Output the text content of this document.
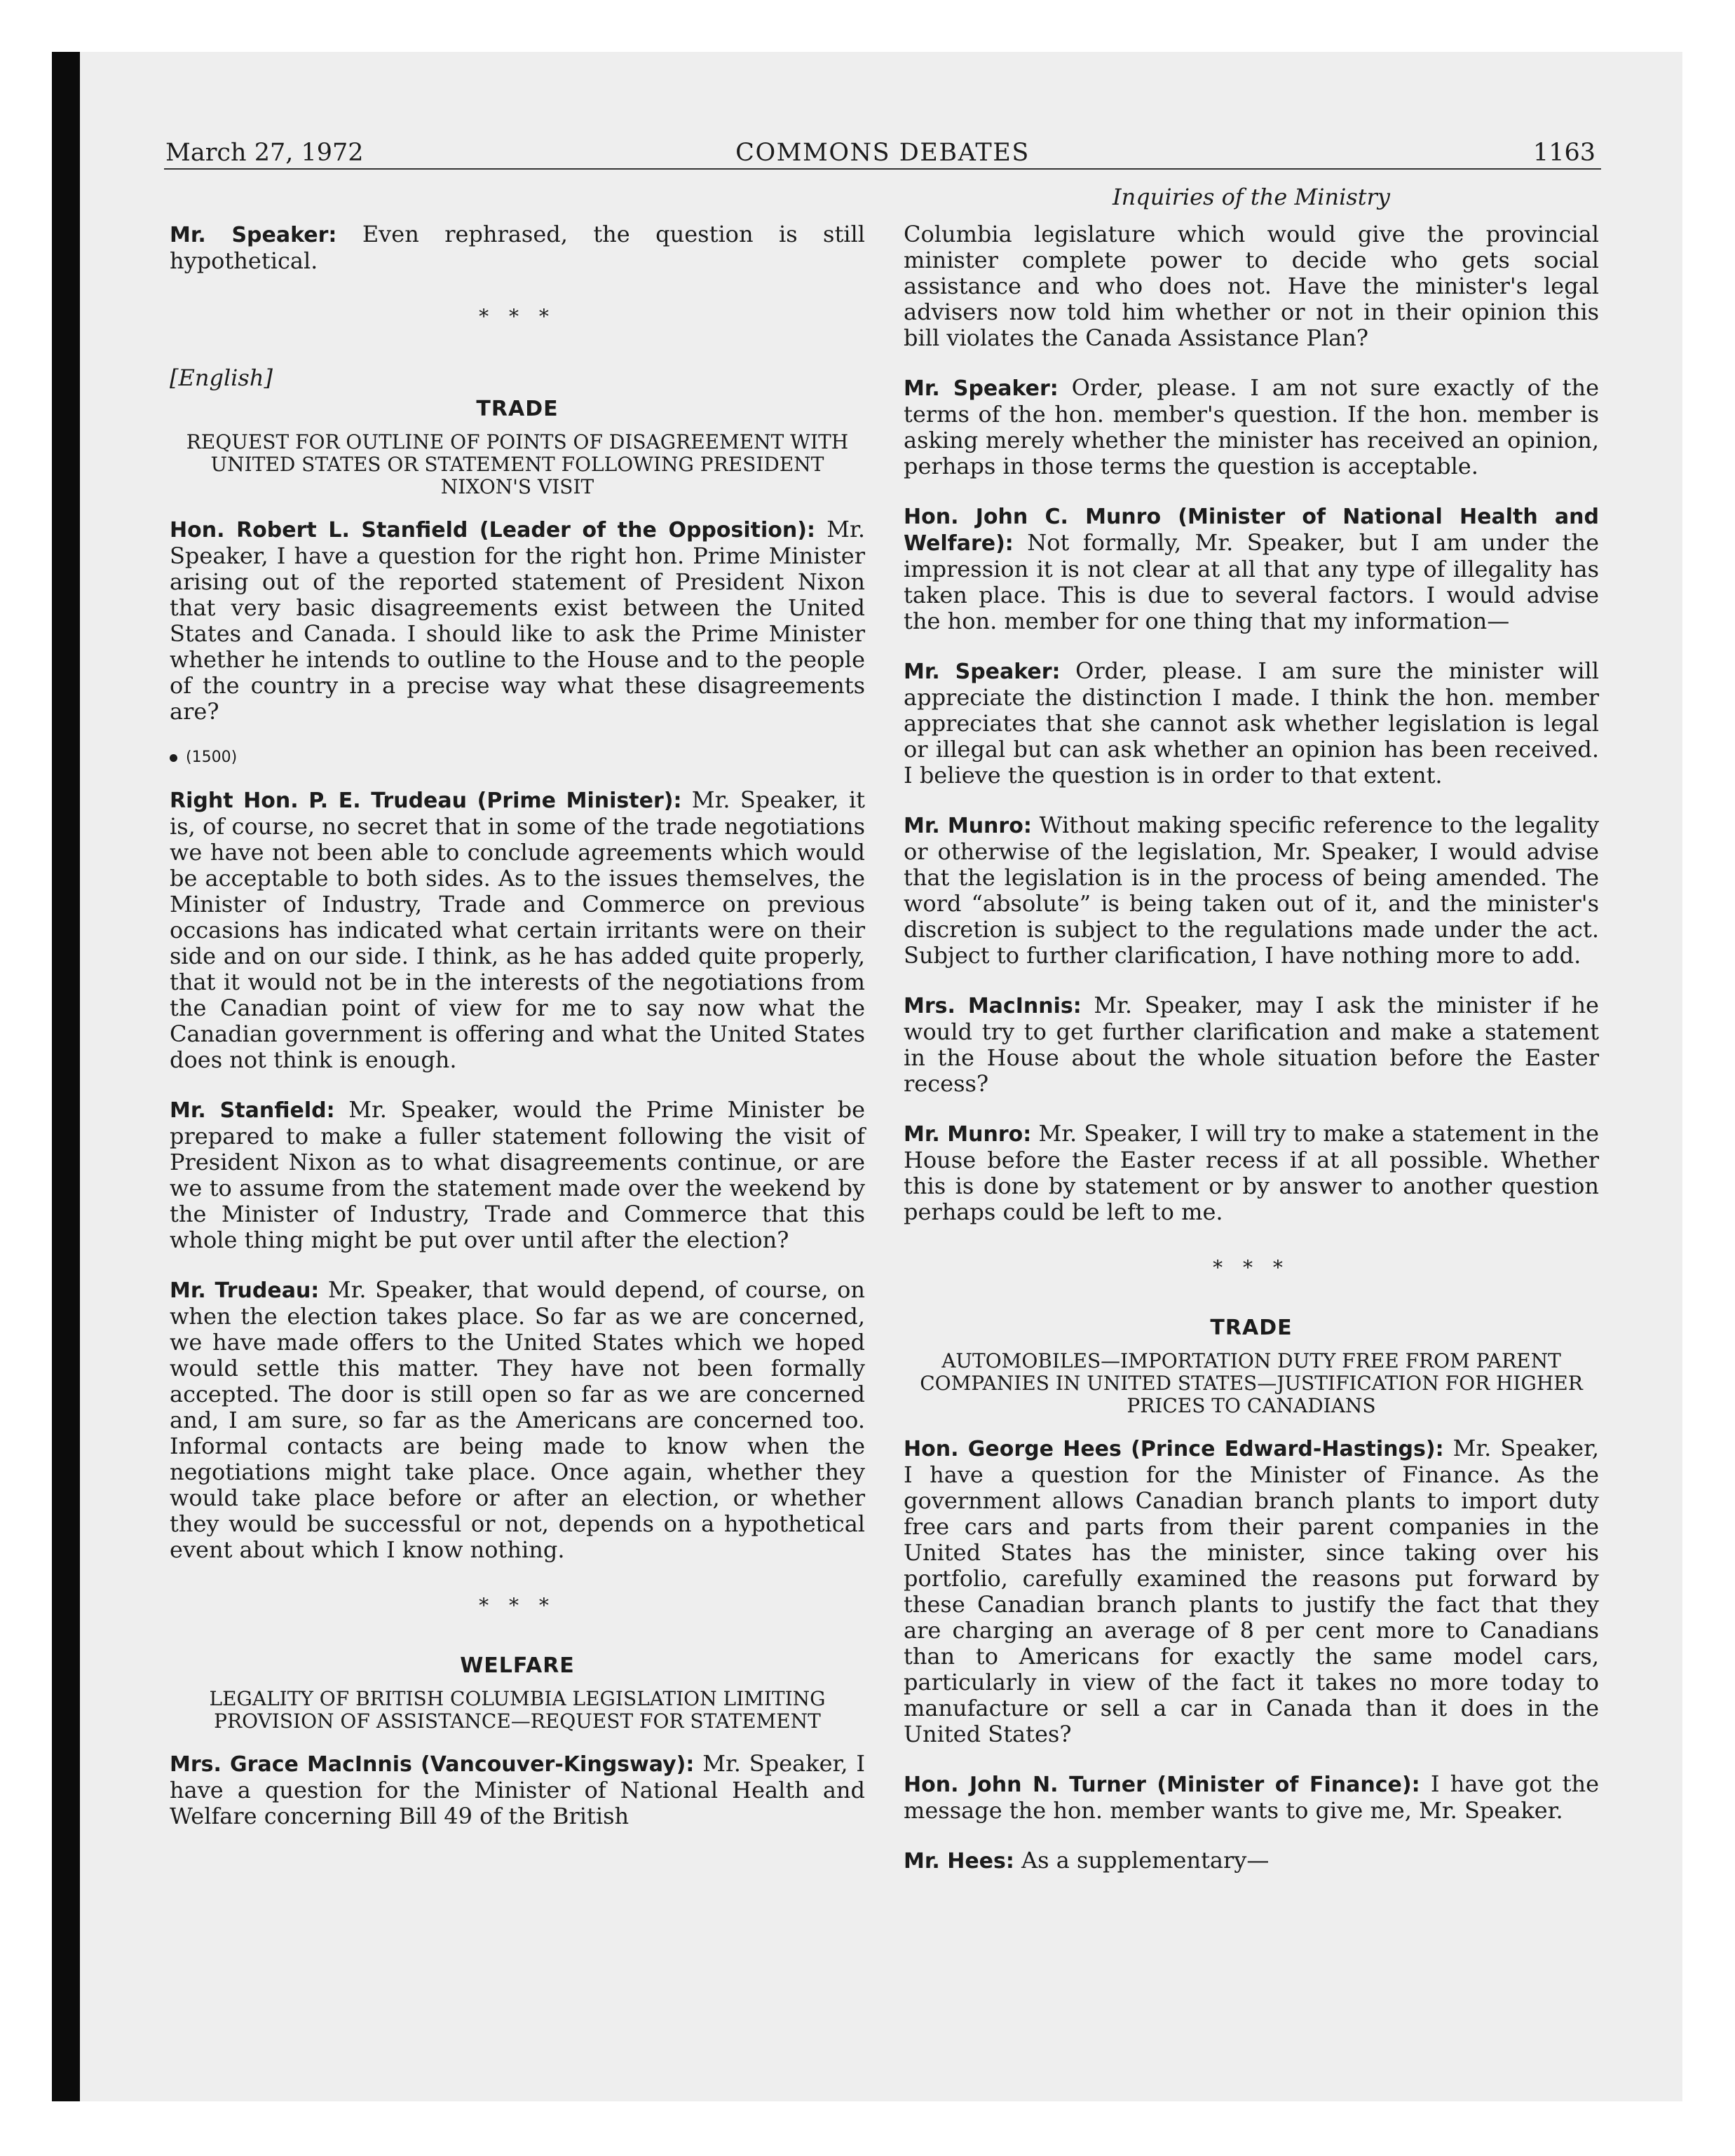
March 27, 1972	COMMONS DEBATES	1163
Inquiries of the Ministry

Mr. Speaker: Even rephrased, the question is still hypothetical.

* * *
[English]
TRADE
REQUEST FOR OUTLINE OF POINTS OF DISAGREEMENT WITH UNITED STATES OR STATEMENT FOLLOWING PRESIDENT NIXON'S VISIT

Hon. Robert L. Stanfield (Leader of the Opposition): Mr. Speaker, I have a question for the right hon. Prime Minister arising out of the reported statement of President Nixon that very basic disagreements exist between the United States and Canada. I should like to ask the Prime Minister whether he intends to outline to the House and to the people of the country in a precise way what these disagreements are?

(1500)

Right Hon. P. E. Trudeau (Prime Minister): Mr. Speaker, it is, of course, no secret that in some of the trade negotiations we have not been able to conclude agreements which would be acceptable to both sides. As to the issues themselves, the Minister of Industry, Trade and Commerce on previous occasions has indicated what certain irritants were on their side and on our side. I think, as he has added quite properly, that it would not be in the interests of the negotiations from the Canadian point of view for me to say now what the Canadian government is offering and what the United States does not think is enough.

Mr. Stanfield: Mr. Speaker, would the Prime Minister be prepared to make a fuller statement following the visit of President Nixon as to what disagreements continue, or are we to assume from the statement made over the weekend by the Minister of Industry, Trade and Commerce that this whole thing might be put over until after the election?

Mr. Trudeau: Mr. Speaker, that would depend, of course, on when the election takes place. So far as we are concerned, we have made offers to the United States which we hoped would settle this matter. They have not been formally accepted. The door is still open so far as we are concerned and, I am sure, so far as the Americans are concerned too. Informal contacts are being made to know when the negotiations might take place. Once again, whether they would take place before or after an election, or whether they would be successful or not, depends on a hypothetical event about which I know nothing.

* * *
WELFARE
LEGALITY OF BRITISH COLUMBIA LEGISLATION LIMITING PROVISION OF ASSISTANCE—REQUEST FOR STATEMENT

Mrs. Grace MacInnis (Vancouver-Kingsway): Mr. Speaker, I have a question for the Minister of National Health and Welfare concerning Bill 49 of the British

Columbia legislature which would give the provincial minister complete power to decide who gets social assistance and who does not. Have the minister's legal advisers now told him whether or not in their opinion this bill violates the Canada Assistance Plan?

Mr. Speaker: Order, please. I am not sure exactly of the terms of the hon. member's question. If the hon. member is asking merely whether the minister has received an opinion, perhaps in those terms the question is acceptable.

Hon. John C. Munro (Minister of National Health and Welfare): Not formally, Mr. Speaker, but I am under the impression it is not clear at all that any type of illegality has taken place. This is due to several factors. I would advise the hon. member for one thing that my information—

Mr. Speaker: Order, please. I am sure the minister will appreciate the distinction I made. I think the hon. member appreciates that she cannot ask whether legislation is legal or illegal but can ask whether an opinion has been received. I believe the question is in order to that extent.

Mr. Munro: Without making specific reference to the legality or otherwise of the legislation, Mr. Speaker, I would advise that the legislation is in the process of being amended. The word “absolute” is being taken out of it, and the minister's discretion is subject to the regulations made under the act. Subject to further clarification, I have nothing more to add.

Mrs. MacInnis: Mr. Speaker, may I ask the minister if he would try to get further clarification and make a statement in the House about the whole situation before the Easter recess?

Mr. Munro: Mr. Speaker, I will try to make a statement in the House before the Easter recess if at all possible. Whether this is done by statement or by answer to another question perhaps could be left to me.

* * *
TRADE
AUTOMOBILES—IMPORTATION DUTY FREE FROM PARENT COMPANIES IN UNITED STATES—JUSTIFICATION FOR HIGHER PRICES TO CANADIANS

Hon. George Hees (Prince Edward-Hastings): Mr. Speaker, I have a question for the Minister of Finance. As the government allows Canadian branch plants to import duty free cars and parts from their parent companies in the United States has the minister, since taking over his portfolio, carefully examined the reasons put forward by these Canadian branch plants to justify the fact that they are charging an average of 8 per cent more to Canadians than to Americans for exactly the same model cars, particularly in view of the fact it takes no more today to manufacture or sell a car in Canada than it does in the United States?

Hon. John N. Turner (Minister of Finance): I have got the message the hon. member wants to give me, Mr. Speaker.

Mr. Hees: As a supplementary—
